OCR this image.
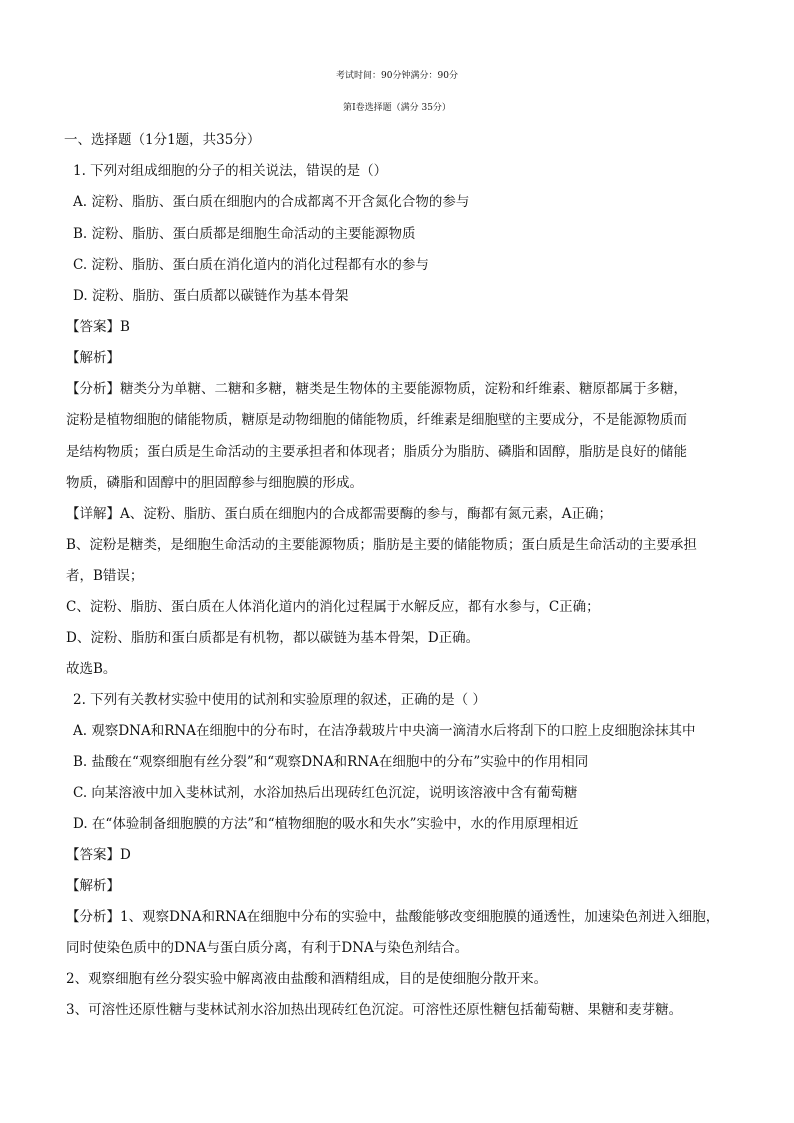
考试时间：90分钟满分：90分
第Ⅰ卷选择题（满分 35分）
一、选择题（1分1题，共35分）
1. 下列对组成细胞的分子的相关说法，错误的是（）
A. 淀粉、脂肪、蛋白质在细胞内的合成都离不开含氮化合物的参与
B. 淀粉、脂肪、蛋白质都是细胞生命活动的主要能源物质
C. 淀粉、脂肪、蛋白质在消化道内的消化过程都有水的参与
D. 淀粉、脂肪、蛋白质都以碳链作为基本骨架
【答案】B
【解析】
【分析】糖类分为单糖、二糖和多糖，糖类是生物体的主要能源物质，淀粉和纤维素、糖原都属于多糖，
淀粉是植物细胞的储能物质，糖原是动物细胞的储能物质，纤维素是细胞壁的主要成分，不是能源物质而
是结构物质；蛋白质是生命活动的主要承担者和体现者；脂质分为脂肪、磷脂和固醇，脂肪是良好的储能
物质，磷脂和固醇中的胆固醇参与细胞膜的形成。
【详解】A、淀粉、脂肪、蛋白质在细胞内的合成都需要酶的参与，酶都有氮元素，A正确；
B、淀粉是糖类，是细胞生命活动的主要能源物质；脂肪是主要的储能物质；蛋白质是生命活动的主要承担
者，B错误；
C、淀粉、脂肪、蛋白质在人体消化道内的消化过程属于水解反应，都有水参与，C正确；
D、淀粉、脂肪和蛋白质都是有机物，都以碳链为基本骨架，D正确。
故选B。
2. 下列有关教材实验中使用的试剂和实验原理的叙述，正确的是（ ）
A. 观察DNA和RNA在细胞中的分布时，在洁净载玻片中央滴一滴清水后将刮下的口腔上皮细胞涂抹其中
B. 盐酸在“观察细胞有丝分裂”和“观察DNA和RNA在细胞中的分布”实验中的作用相同
C. 向某溶液中加入斐林试剂，水浴加热后出现砖红色沉淀，说明该溶液中含有葡萄糖
D. 在“体验制备细胞膜的方法”和“植物细胞的吸水和失水”实验中，水的作用原理相近
【答案】D
【解析】
【分析】1、观察DNA和RNA在细胞中分布的实验中，盐酸能够改变细胞膜的通透性，加速染色剂进入细胞，
同时使染色质中的DNA与蛋白质分离，有利于DNA与染色剂结合。
2、观察细胞有丝分裂实验中解离液由盐酸和酒精组成，目的是使细胞分散开来。
3、可溶性还原性糖与斐林试剂水浴加热出现砖红色沉淀。可溶性还原性糖包括葡萄糖、果糖和麦芽糖。
